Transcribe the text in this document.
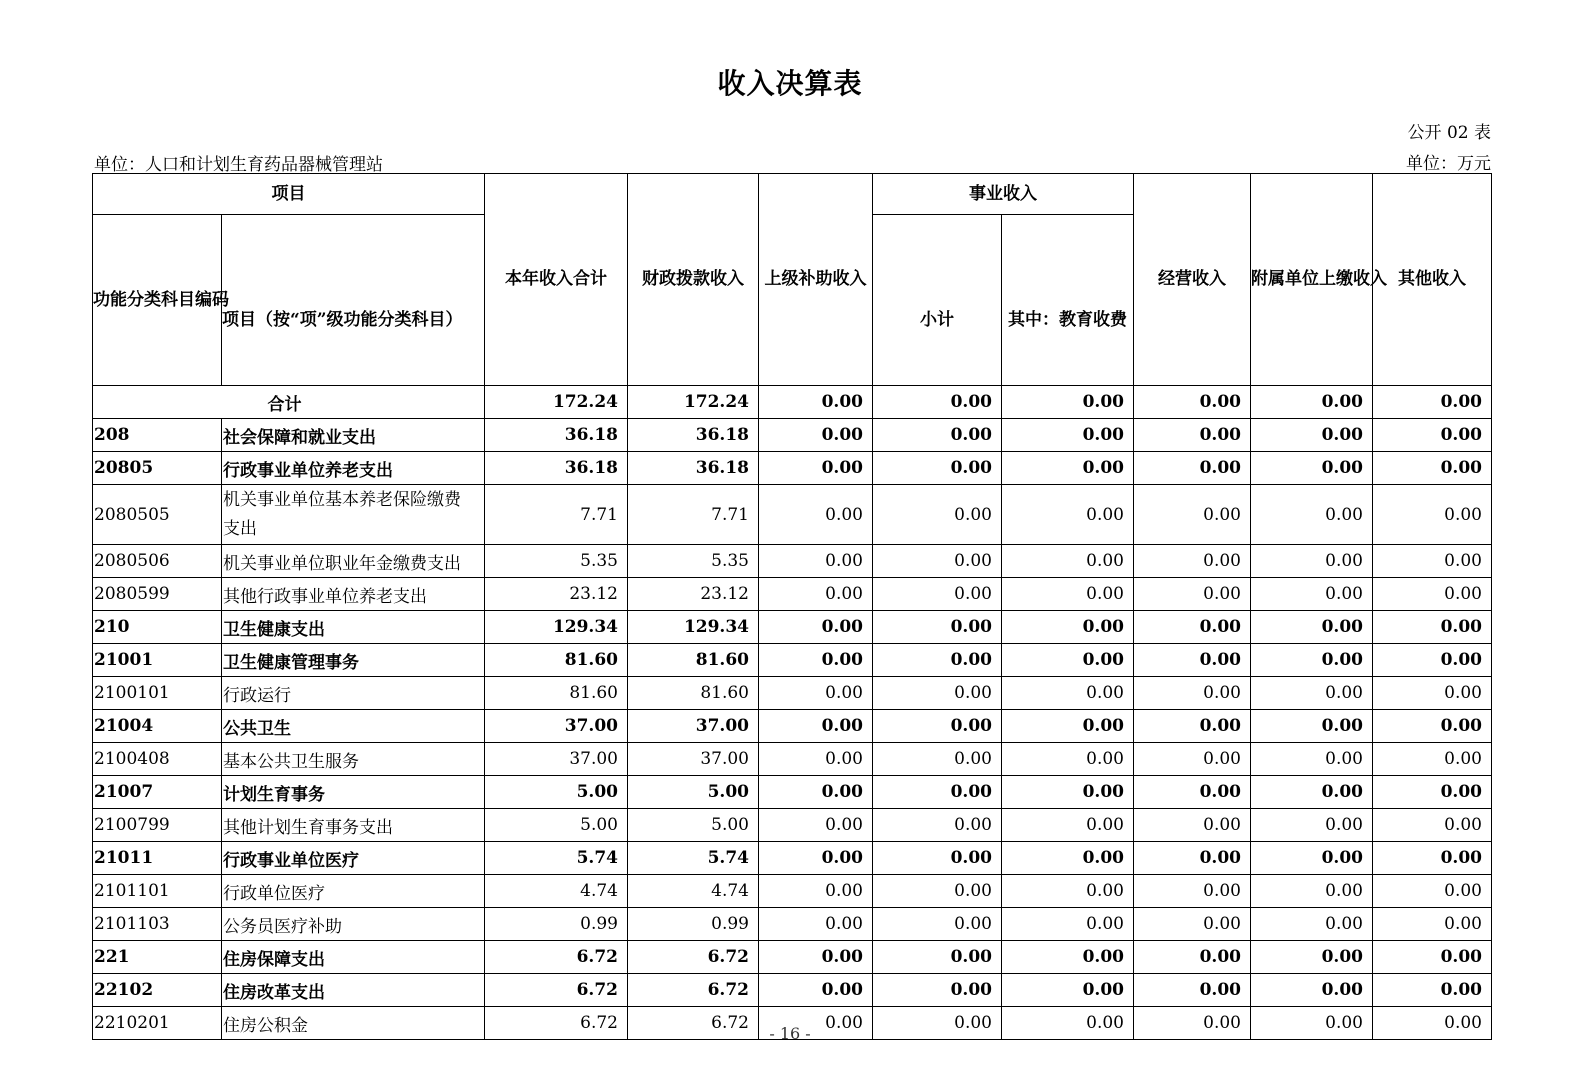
收入决算表
公开 02 表
单位：人口和计划生育药品器械管理站	单位：万元
项目		本年收入合计	财政拨款收入	上级补助收入	事业收入		经营收入	附属单位上缴收入	其他收入
功能分类科目编码	项目（按“项”级功能分类科目）				小计	其中：教育收费			
合计		172.24	172.24	0.00	0.00	0.00	0.00	0.00	0.00
208	社会保障和就业支出	36.18	36.18	0.00	0.00	0.00	0.00	0.00	0.00
20805	行政事业单位养老支出	36.18	36.18	0.00	0.00	0.00	0.00	0.00	0.00
2080505	机关事业单位基本养老保险缴费支出	7.71	7.71	0.00	0.00	0.00	0.00	0.00	0.00
2080506	机关事业单位职业年金缴费支出	5.35	5.35	0.00	0.00	0.00	0.00	0.00	0.00
2080599	其他行政事业单位养老支出	23.12	23.12	0.00	0.00	0.00	0.00	0.00	0.00
210	卫生健康支出	129.34	129.34	0.00	0.00	0.00	0.00	0.00	0.00
21001	卫生健康管理事务	81.60	81.60	0.00	0.00	0.00	0.00	0.00	0.00
2100101	行政运行	81.60	81.60	0.00	0.00	0.00	0.00	0.00	0.00
21004	公共卫生	37.00	37.00	0.00	0.00	0.00	0.00	0.00	0.00
2100408	基本公共卫生服务	37.00	37.00	0.00	0.00	0.00	0.00	0.00	0.00
21007	计划生育事务	5.00	5.00	0.00	0.00	0.00	0.00	0.00	0.00
2100799	其他计划生育事务支出	5.00	5.00	0.00	0.00	0.00	0.00	0.00	0.00
21011	行政事业单位医疗	5.74	5.74	0.00	0.00	0.00	0.00	0.00	0.00
2101101	行政单位医疗	4.74	4.74	0.00	0.00	0.00	0.00	0.00	0.00
2101103	公务员医疗补助	0.99	0.99	0.00	0.00	0.00	0.00	0.00	0.00
221	住房保障支出	6.72	6.72	0.00	0.00	0.00	0.00	0.00	0.00
22102	住房改革支出	6.72	6.72	0.00	0.00	0.00	0.00	0.00	0.00
2210201	住房公积金	6.72	6.72	0.00	0.00	0.00	0.00	0.00	0.00
- 16 -
